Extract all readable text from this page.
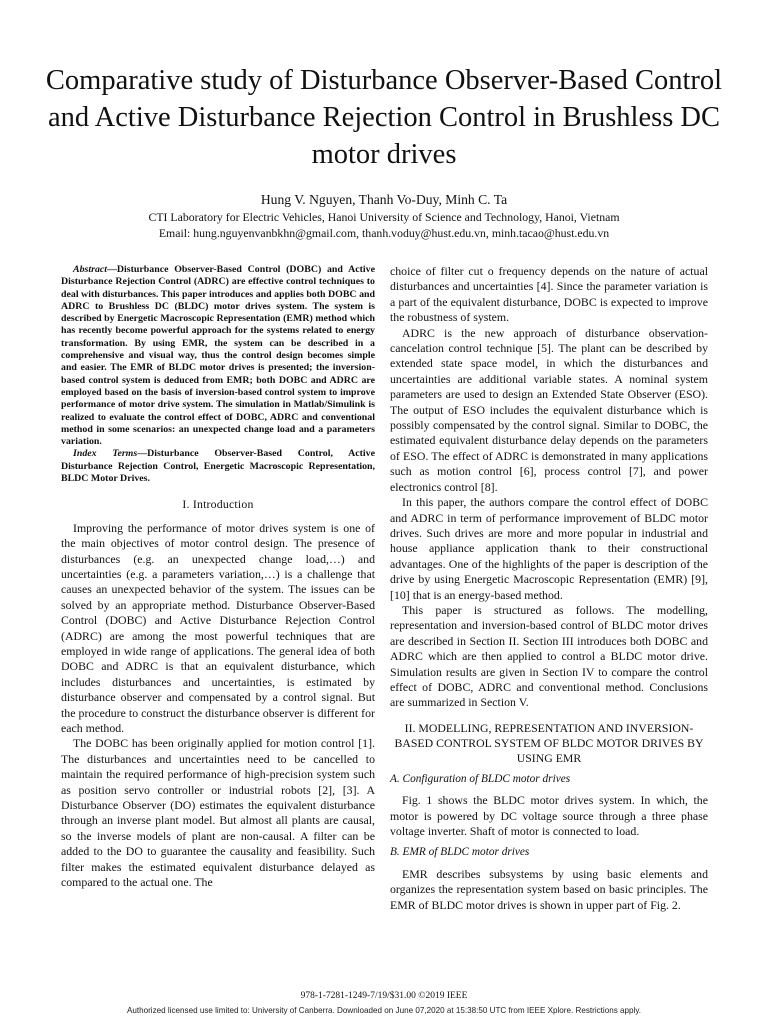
Comparative study of Disturbance Observer-Based Control and Active Disturbance Rejection Control in Brushless DC motor drives
Hung V. Nguyen, Thanh Vo-Duy, Minh C. Ta
CTI Laboratory for Electric Vehicles, Hanoi University of Science and Technology, Hanoi, Vietnam
Email: hung.nguyenvanbkhn@gmail.com, thanh.voduy@hust.edu.vn, minh.tacao@hust.edu.vn

Abstract—Disturbance Observer-Based Control (DOBC) and Active Disturbance Rejection Control (ADRC) are effective control techniques to deal with disturbances. This paper introduces and applies both DOBC and ADRC to Brushless DC (BLDC) motor drives system. The system is described by Energetic Macroscopic Representation (EMR) method which has recently become powerful approach for the systems related to energy transformation. By using EMR, the system can be described in a comprehensive and visual way, thus the control design becomes simple and easier. The EMR of BLDC motor drives is presented; the inversion-based control system is deduced from EMR; both DOBC and ADRC are employed based on the basis of inversion-based control system to improve performance of motor drive system. The simulation in Matlab/Simulink is realized to evaluate the control effect of DOBC, ADRC and conventional method in some scenarios: an unexpected change load and a parameters variation.

Index Terms—Disturbance Observer-Based Control, Active Disturbance Rejection Control, Energetic Macroscopic Representation, BLDC Motor Drives.

I. Introduction

Improving the performance of motor drives system is one of the main objectives of motor control design. The presence of disturbances (e.g. an unexpected change load,…) and uncertainties (e.g. a parameters variation,…) is a challenge that causes an unexpected behavior of the system. The issues can be solved by an appropriate method. Disturbance Observer-Based Control (DOBC) and Active Disturbance Rejection Control (ADRC) are among the most powerful techniques that are employed in wide range of applications. The general idea of both DOBC and ADRC is that an equivalent disturbance, which includes disturbances and uncertainties, is estimated by disturbance observer and compensated by a control signal. But the procedure to construct the disturbance observer is different for each method.

The DOBC has been originally applied for motion control [1]. The disturbances and uncertainties need to be cancelled to maintain the required performance of high-precision system such as position servo controller or industrial robots [2], [3]. A Disturbance Observer (DO) estimates the equivalent disturbance through an inverse plant model. But almost all plants are causal, so the inverse models of plant are non-causal. A filter can be added to the DO to guarantee the causality and feasibility. Such filter makes the estimated equivalent disturbance delayed as compared to the actual one. The

choice of filter cut o frequency depends on the nature of actual disturbances and uncertainties [4]. Since the parameter variation is a part of the equivalent disturbance, DOBC is expected to improve the robustness of system.

ADRC is the new approach of disturbance observation-cancelation control technique [5]. The plant can be described by extended state space model, in which the disturbances and uncertainties are additional variable states. A nominal system parameters are used to design an Extended State Observer (ESO). The output of ESO includes the equivalent disturbance which is possibly compensated by the control signal. Similar to DOBC, the estimated equivalent disturbance delay depends on the parameters of ESO. The effect of ADRC is demonstrated in many applications such as motion control [6], process control [7], and power electronics control [8].

In this paper, the authors compare the control effect of DOBC and ADRC in term of performance improvement of BLDC motor drives. Such drives are more and more popular in industrial and house appliance application thank to their constructional advantages. One of the highlights of the paper is description of the drive by using Energetic Macroscopic Representation (EMR) [9], [10] that is an energy-based method.

This paper is structured as follows. The modelling, representation and inversion-based control of BLDC motor drives are described in Section II. Section III introduces both DOBC and ADRC which are then applied to control a BLDC motor drive. Simulation results are given in Section IV to compare the control effect of DOBC, ADRC and conventional method. Conclusions are summarized in Section V.

II. MODELLING, REPRESENTATION AND INVERSION-BASED CONTROL SYSTEM OF BLDC MOTOR DRIVES BY USING EMR
A. Configuration of BLDC motor drives

Fig. 1 shows the BLDC motor drives system. In which, the motor is powered by DC voltage source through a three phase voltage inverter. Shaft of motor is connected to load.

B. EMR of BLDC motor drives

EMR describes subsystems by using basic elements and organizes the representation system based on basic principles. The EMR of BLDC motor drives is shown in upper part of Fig. 2.

978-1-7281-1249-7/19/$31.00 ©2019 IEEE
Authorized licensed use limited to: University of Canberra. Downloaded on June 07,2020 at 15:38:50 UTC from IEEE Xplore. Restrictions apply.
